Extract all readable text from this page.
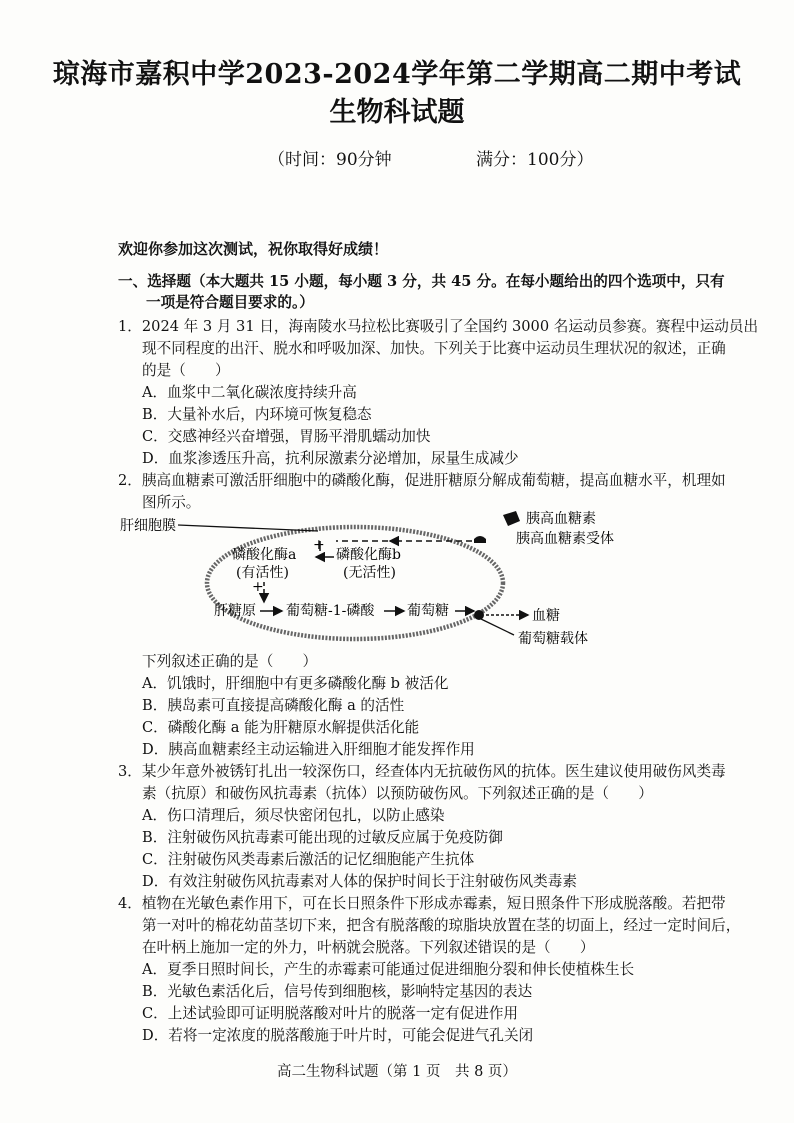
琼海市嘉积中学2023-2024学年第二学期高二期中考试
生物科试题
（时间：90分钟	满分：100分）
欢迎你参加这次测试，祝你取得好成绩！
一、选择题（本大题共 15 小题，每小题 3 分，共 45 分。在每小题给出的四个选项中，只有
一项是符合题目要求的。）
1．2024 年 3 月 31 日，海南陵水马拉松比赛吸引了全国约 3000 名运动员参赛。赛程中运动员出
现不同程度的出汗、脱水和呼吸加深、加快。下列关于比赛中运动员生理状况的叙述，正确
的是（　　）
A．血浆中二氧化碳浓度持续升高
B．大量补水后，内环境可恢复稳态
C．交感神经兴奋增强，胃肠平滑肌蠕动加快
D．血浆渗透压升高，抗利尿激素分泌增加，尿量生成减少
2．胰高血糖素可激活肝细胞中的磷酸化酶，促进肝糖原分解成葡萄糖，提高血糖水平，机理如
图所示。
肝细胞膜	胰高血糖素
胰高血糖素受体
+
磷酸化酶b
(无活性)
磷酸化酶a
(有活性)
+
肝糖原 葡萄糖-1-磷酸 葡萄糖	血糖
葡萄糖载体
下列叙述正确的是（　　）
A．饥饿时，肝细胞中有更多磷酸化酶 b 被活化
B．胰岛素可直接提高磷酸化酶 a 的活性
C．磷酸化酶 a 能为肝糖原水解提供活化能
D．胰高血糖素经主动运输进入肝细胞才能发挥作用
3．某少年意外被锈钉扎出一较深伤口，经查体内无抗破伤风的抗体。医生建议使用破伤风类毒
素（抗原）和破伤风抗毒素（抗体）以预防破伤风。下列叙述正确的是（　　）
A．伤口清理后，须尽快密闭包扎，以防止感染
B．注射破伤风抗毒素可能出现的过敏反应属于免疫防御
C．注射破伤风类毒素后激活的记忆细胞能产生抗体
D．有效注射破伤风抗毒素对人体的保护时间长于注射破伤风类毒素
4．植物在光敏色素作用下，可在长日照条件下形成赤霉素，短日照条件下形成脱落酸。若把带
第一对叶的棉花幼苗茎切下来，把含有脱落酸的琼脂块放置在茎的切面上，经过一定时间后，
在叶柄上施加一定的外力，叶柄就会脱落。下列叙述错误的是（　　）
A．夏季日照时间长，产生的赤霉素可能通过促进细胞分裂和伸长使植株生长
B．光敏色素活化后，信号传到细胞核，影响特定基因的表达
C．上述试验即可证明脱落酸对叶片的脱落一定有促进作用
D．若将一定浓度的脱落酸施于叶片时，可能会促进气孔关闭
高二生物科试题（第 1 页　共 8 页）
